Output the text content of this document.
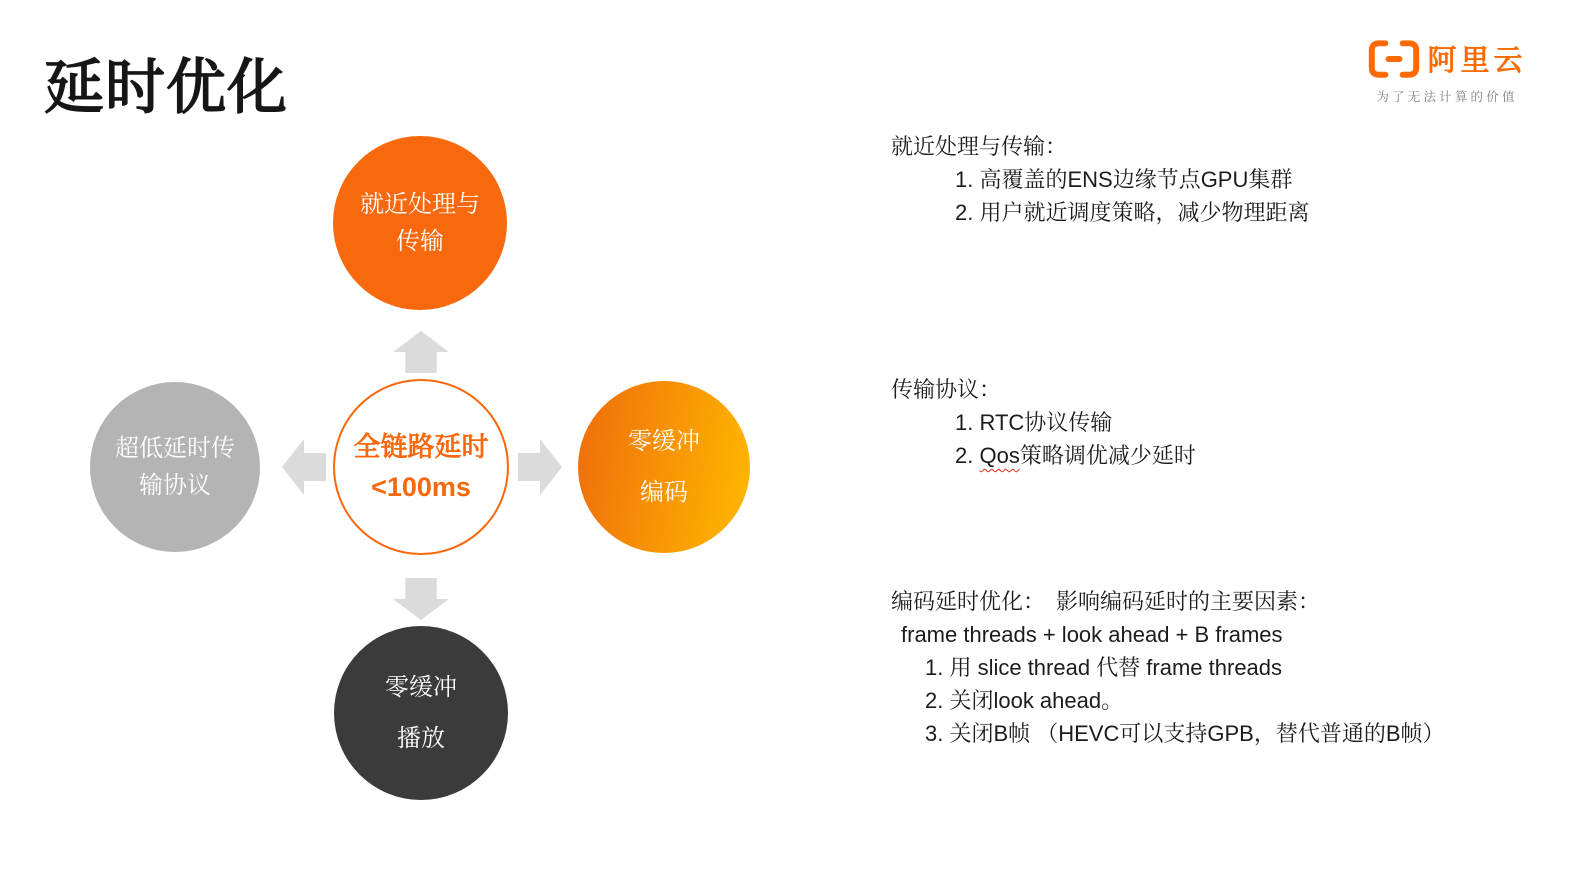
延时优化	阿里云
为了无法计算的价值
就近处理与
传输
超低延时传
输协议
全链路延时
<100ms
零缓冲
编码
零缓冲
播放
就近处理与传输：
1. 高覆盖的ENS边缘节点GPU集群
2. 用户就近调度策略，减少物理距离
传输协议：
1. RTC协议传输
2. Qos策略调优减少延时
编码延时优化：　影响编码延时的主要因素：
frame threads + look ahead + B frames
1. 用 slice thread 代替 frame threads
2. 关闭look ahead。
3. 关闭B帧 （HEVC可以支持GPB，替代普通的B帧）
